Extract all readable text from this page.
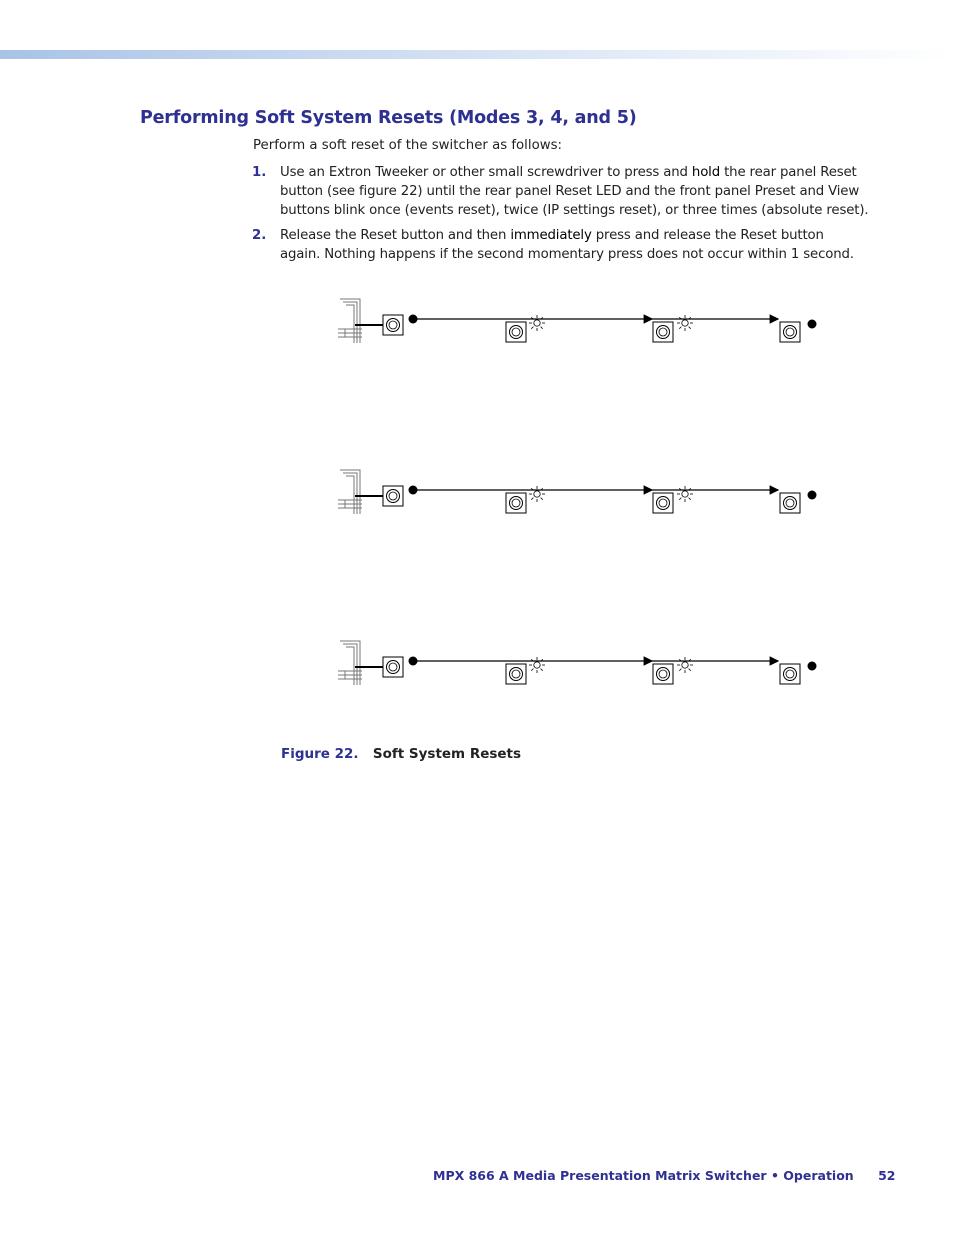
Performing Soft System Resets (Modes 3, 4, and 5)

Perform a soft reset of the switcher as follows:

1. Use an Extron Tweeker or other small screwdriver to press and hold the rear panel Reset
button (see figure 22) until the rear panel Reset LED and the front panel Preset and View
buttons blink once (events reset), twice (IP settings reset), or three times (absolute reset).
2. Release the Reset button and then immediately press and release the Reset button
again. Nothing happens if the second momentary press does not occur within 1 second.
Figure 22. Soft System Resets
MPX 866 A Media Presentation Matrix Switcher • Operation 52
